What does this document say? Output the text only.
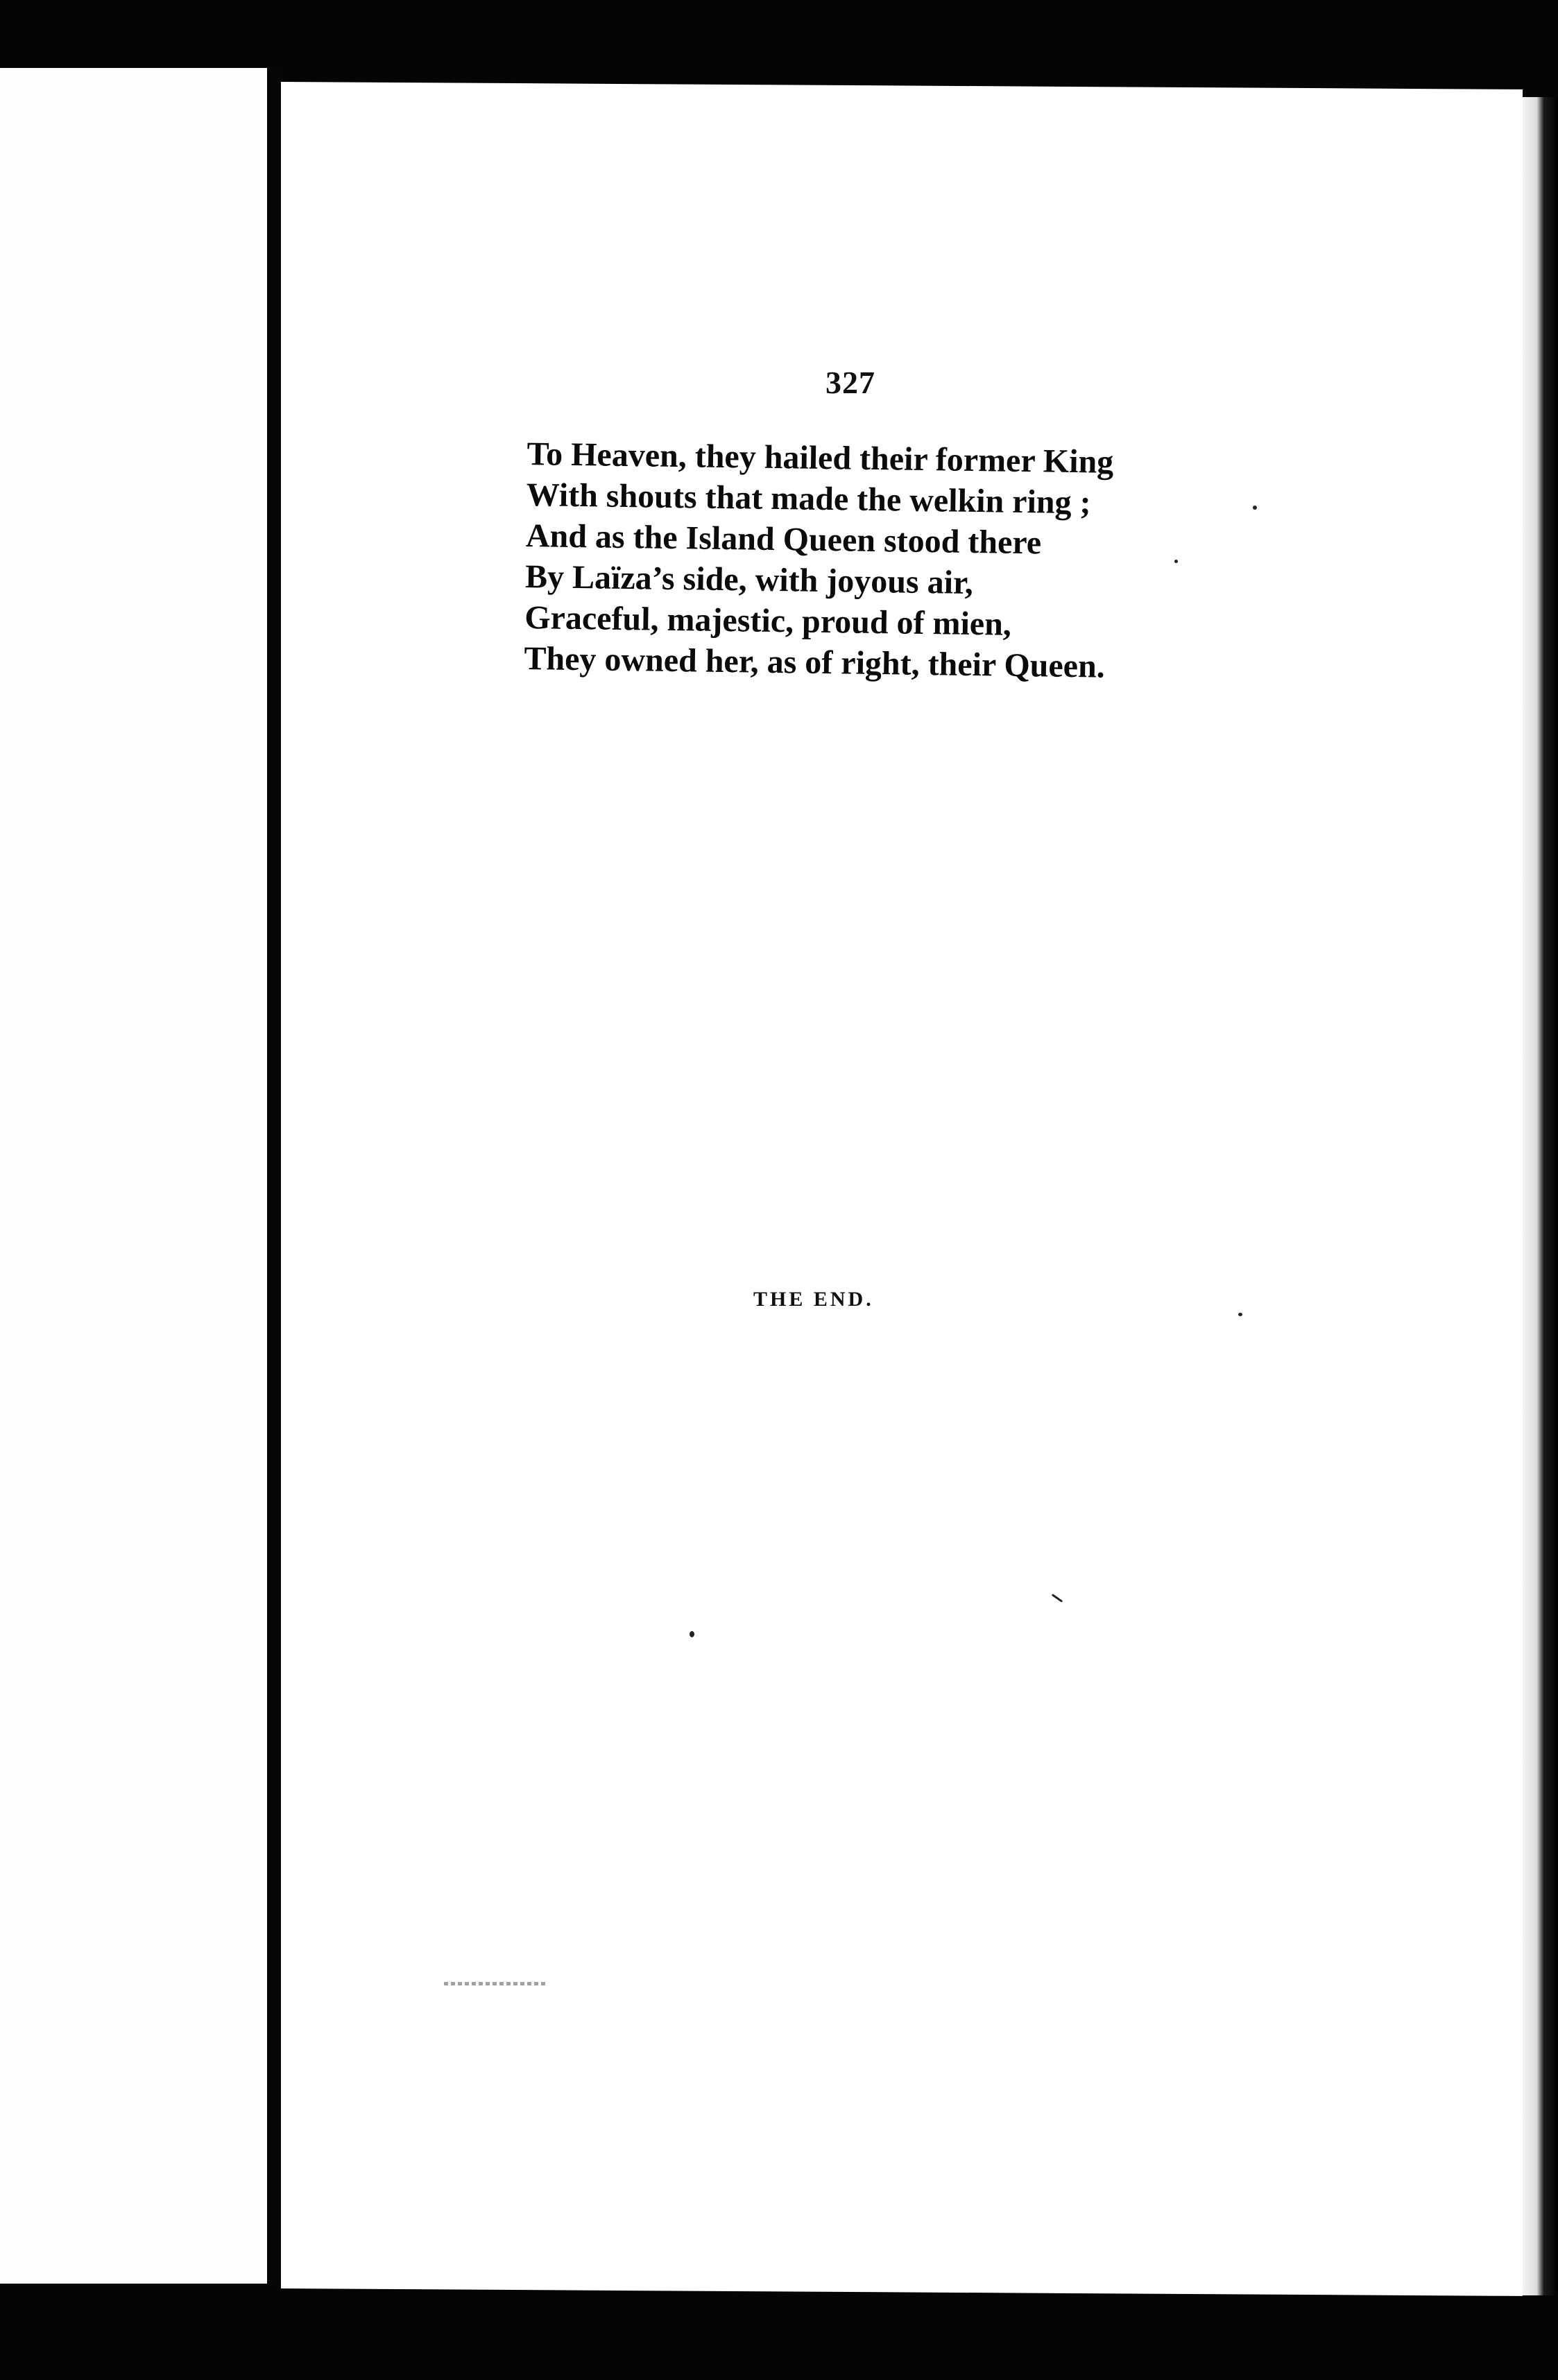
327
To Heaven, they hailed their former King
With shouts that made the welkin ring ;
And as the Island Queen stood there
By Laïza’s side, with joyous air,
Graceful, majestic, proud of mien,
They owned her, as of right, their Queen.
THE END.
